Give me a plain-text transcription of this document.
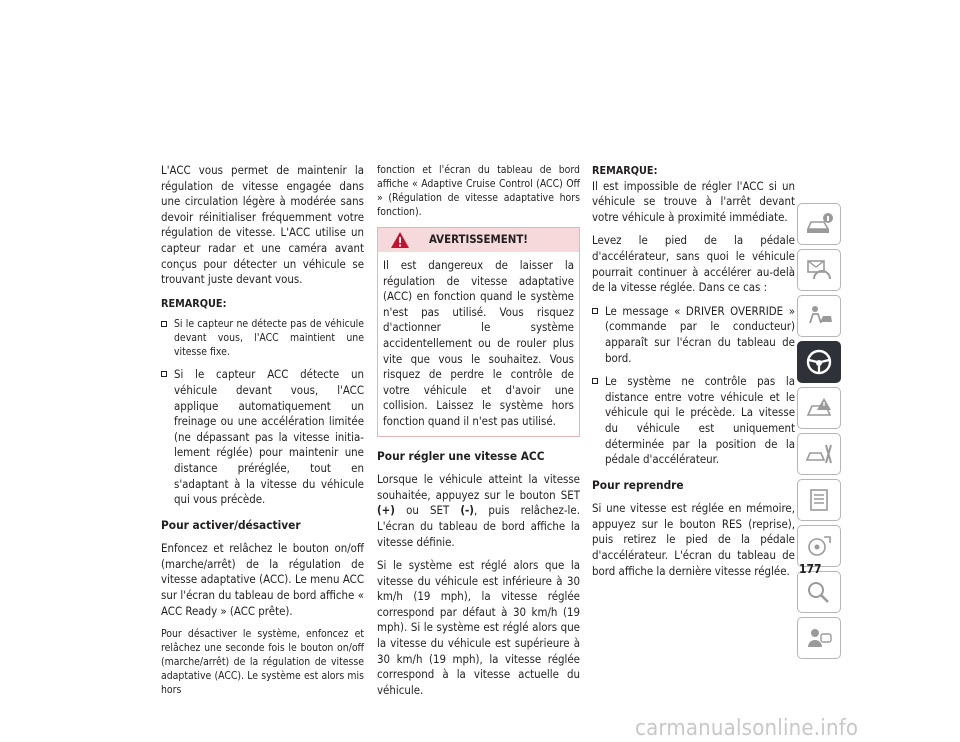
L'ACC vous permet de maintenir la régulation de vitesse engagée dans une circulation légère à modérée sans devoir réinitialiser fréquemment votre régulation de vitesse. L'ACC utilise un capteur radar et une caméra avant conçus pour détecter un véhicule se trouvant juste devant vous.

REMARQUE:
Si le capteur ne détecte pas de véhicule devant vous, l'ACC maintient une vitesse fixe.
Si le capteur ACC détecte un véhicule devant vous, l'ACC applique automatiquement un freinage ou une accélération limitée (ne dépassant pas la vitesse initialement réglée) pour maintenir une distance préréglée, tout en s'adaptant à la vitesse du véhicule qui vous précède.
Pour activer/désactiver

Enfoncez et relâchez le bouton on/off (marche/arrêt) de la régulation de vitesse adaptative (ACC). Le menu ACC sur l'écran du tableau de bord affiche « ACC Ready » (ACC prête).

Pour désactiver le système, enfoncez et relâchez une seconde fois le bouton on/off (marche/arrêt) de la régulation de vitesse adaptative (ACC). Le système est alors mis hors

fonction et l'écran du tableau de bord affiche « Adaptive Cruise Control (ACC) Off » (Régulation de vitesse adaptative hors fonction).

AVERTISSEMENT!
Il est dangereux de laisser la régulation de vitesse adaptative (ACC) en fonction quand le système n'est pas utilisé. Vous risquez d'actionner le système accidentellement ou de rouler plus vite que vous le souhaitez. Vous risquez de perdre le contrôle de votre véhicule et d'avoir une collision. Laissez le système hors fonction quand il n'est pas utilisé.
Pour régler une vitesse ACC

Lorsque le véhicule atteint la vitesse souhaitée, appuyez sur le bouton SET (+) ou SET (-), puis relâchez-le. L'écran du tableau de bord affiche la vitesse définie.

Si le système est réglé alors que la vitesse du véhicule est inférieure à 30 km/h (19 mph), la vitesse réglée correspond par défaut à 30 km/h (19 mph). Si le système est réglé alors que la vitesse du véhicule est supérieure à 30 km/h (19 mph), la vitesse réglée correspond à la vitesse actuelle du véhicule.

REMARQUE:

Il est impossible de régler l'ACC si un véhicule se trouve à l'arrêt devant votre véhicule à proximité immédiate.

Levez le pied de la pédale d'accélérateur, sans quoi le véhicule pourrait continuer à accélérer au-delà de la vitesse réglée. Dans ce cas :

Le message « DRIVER OVERRIDE » (commande par le conducteur) apparaît sur l'écran du tableau de bord.
Le système ne contrôle pas la distance entre votre véhicule et le véhicule qui le précède. La vitesse du véhicule est uniquement déterminée par la position de la pédale d'accélérateur.
Pour reprendre

Si une vitesse est réglée en mémoire, appuyez sur le bouton RES (reprise), puis retirez le pied de la pédale d'accélérateur. L'écran du tableau de bord affiche la dernière vitesse réglée. 177
carmanualsonline.info
